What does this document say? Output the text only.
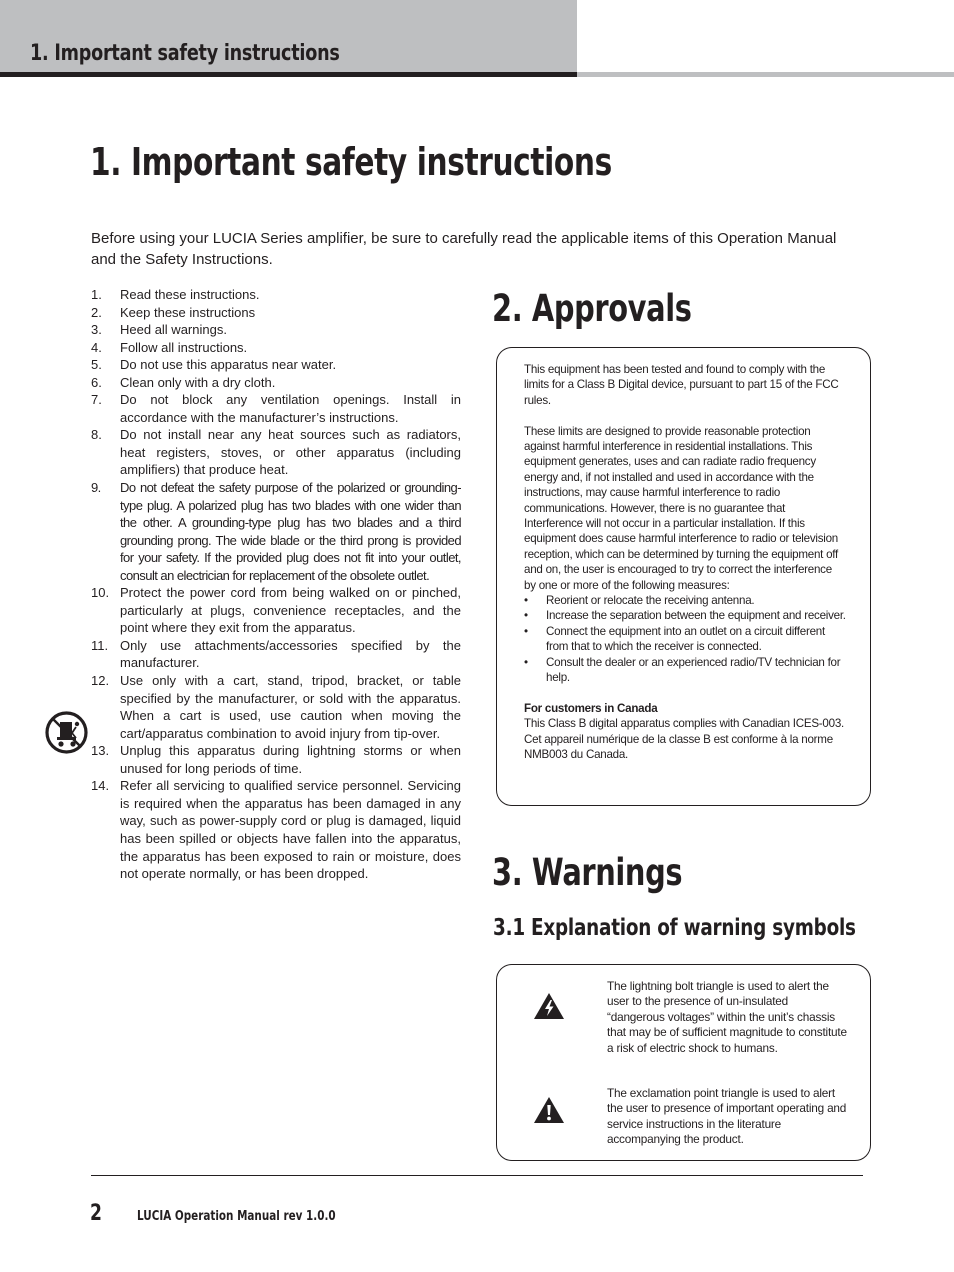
1. Important safety instructions
1. Important safety instructions
Before using your LUCIA Series amplifier, be sure to carefully read the applicable items of this Operation Manual and the Safety Instructions.
1. Read these instructions.
2. Keep these instructions
3. Heed all warnings.
4. Follow all instructions.
5. Do not use this apparatus near water.
6. Clean only with a dry cloth.
7. Do not block any ventilation openings. Install in accordance with the manufacturer’s instructions.
8. Do not install near any heat sources such as radiators, heat registers, stoves, or other apparatus (including amplifiers) that produce heat.
9. Do not defeat the safety purpose of the polarized or grounding-type plug. A polarized plug has two blades with one wider than the other. A grounding-type plug has two blades and a third grounding prong. The wide blade or the third prong is provided for your safety. If the provided plug does not fit into your outlet, consult an electrician for replacement of the obsolete outlet.
10. Protect the power cord from being walked on or pinched, particularly at plugs, convenience receptacles, and the point where they exit from the apparatus.
11. Only use attachments/accessories specified by the manufacturer.
12. Use only with a cart, stand, tripod, bracket, or table specified by the manufacturer, or sold with the apparatus. When a cart is used, use caution when moving the cart/apparatus combination to avoid injury from tip-over.
13. Unplug this apparatus during lightning storms or when unused for long periods of time.
14. Refer all servicing to qualified service personnel. Servicing is required when the apparatus has been damaged in any way, such as power-supply cord or plug is damaged, liquid has been spilled or objects have fallen into the apparatus, the apparatus has been exposed to rain or moisture, does not operate normally, or has been dropped.
2. Approvals

This equipment has been tested and found to comply with the limits for a Class B Digital device, pursuant to part 15 of the FCC rules.

These limits are designed to provide reasonable protection against harmful interference in residential installations. This equipment generates, uses and can radiate radio frequency energy and, if not installed and used in accordance with the instructions, may cause harmful interference to radio communications. However, there is no guarantee that Interference will not occur in a particular installation. If this equipment does cause harmful interference to radio or television reception, which can be determined by turning the equipment off and on, the user is encouraged to try to correct the interference by one or more of the following measures:

• Reorient or relocate the receiving antenna.
• Increase the separation between the equipment and receiver.
• Connect the equipment into an outlet on a circuit different from that to which the receiver is connected.
• Consult the dealer or an experienced radio/TV technician for help.

For customers in Canada

This Class B digital apparatus complies with Canadian ICES-003.

Cet appareil numérique de la classe B est conforme à la norme NMB003 du Canada.

3. Warnings
3.1 Explanation of warning symbols
The lightning bolt triangle is used to alert the user to the presence of un-insulated “dangerous voltages” within the unit’s chassis that may be of sufficient magnitude to constitute a risk of electric shock to humans.
The exclamation point triangle is used to alert the user to presence of important operating and service instructions in the literature accompanying the product.
2	LUCIA Operation Manual rev 1.0.0
